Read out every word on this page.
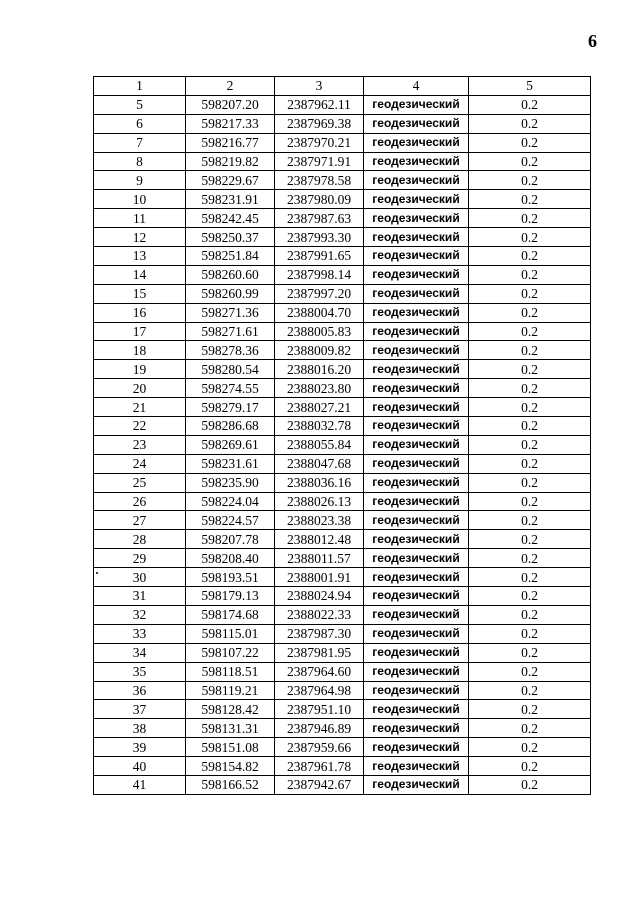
6
1	2	3	4	5
5	598207.20	2387962.11	геодезический	0.2
6	598217.33	2387969.38	геодезический	0.2
7	598216.77	2387970.21	геодезический	0.2
8	598219.82	2387971.91	геодезический	0.2
9	598229.67	2387978.58	геодезический	0.2
10	598231.91	2387980.09	геодезический	0.2
11	598242.45	2387987.63	геодезический	0.2
12	598250.37	2387993.30	геодезический	0.2
13	598251.84	2387991.65	геодезический	0.2
14	598260.60	2387998.14	геодезический	0.2
15	598260.99	2387997.20	геодезический	0.2
16	598271.36	2388004.70	геодезический	0.2
17	598271.61	2388005.83	геодезический	0.2
18	598278.36	2388009.82	геодезический	0.2
19	598280.54	2388016.20	геодезический	0.2
20	598274.55	2388023.80	геодезический	0.2
21	598279.17	2388027.21	геодезический	0.2
22	598286.68	2388032.78	геодезический	0.2
23	598269.61	2388055.84	геодезический	0.2
24	598231.61	2388047.68	геодезический	0.2
25	598235.90	2388036.16	геодезический	0.2
26	598224.04	2388026.13	геодезический	0.2
27	598224.57	2388023.38	геодезический	0.2
28	598207.78	2388012.48	геодезический	0.2
29	598208.40	2388011.57	геодезический	0.2
30	598193.51	2388001.91	геодезический	0.2
31	598179.13	2388024.94	геодезический	0.2
32	598174.68	2388022.33	геодезический	0.2
33	598115.01	2387987.30	геодезический	0.2
34	598107.22	2387981.95	геодезический	0.2
35	598118.51	2387964.60	геодезический	0.2
36	598119.21	2387964.98	геодезический	0.2
37	598128.42	2387951.10	геодезический	0.2
38	598131.31	2387946.89	геодезический	0.2
39	598151.08	2387959.66	геодезический	0.2
40	598154.82	2387961.78	геодезический	0.2
41	598166.52	2387942.67	геодезический	0.2
